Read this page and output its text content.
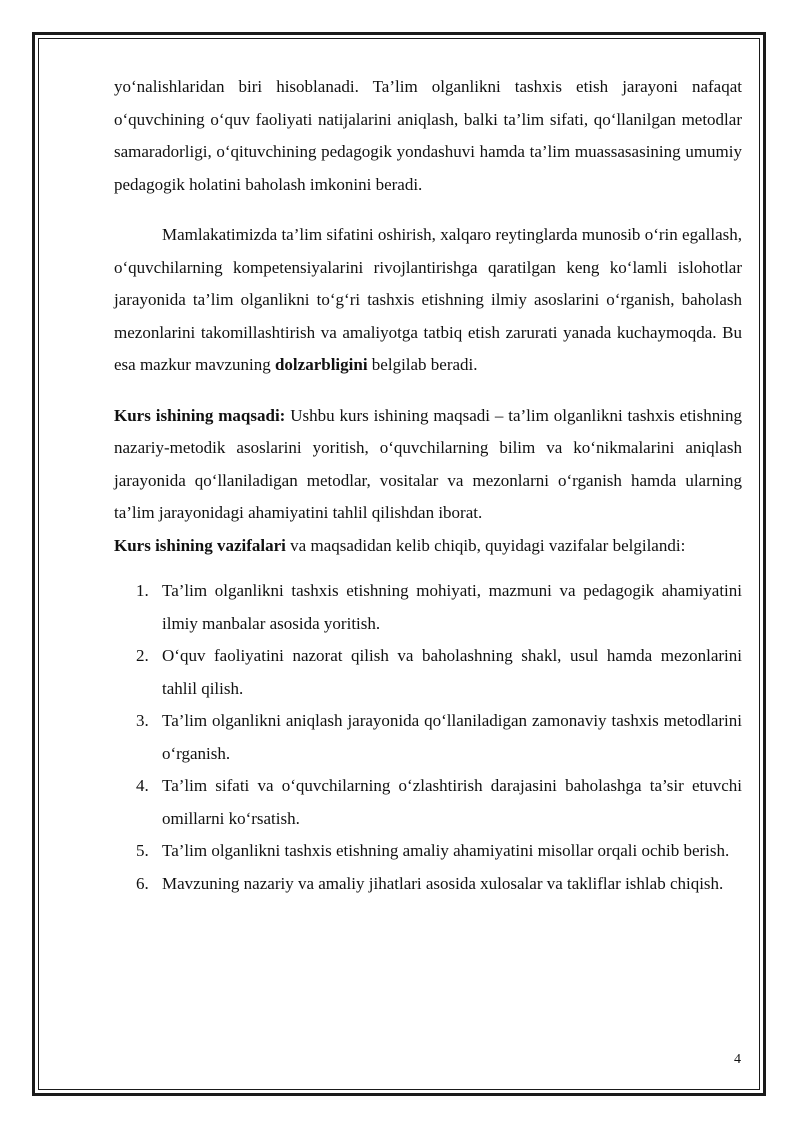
yoʻnalishlaridan biri hisoblanadi. Ta’lim olganlikni tashxis etish jarayoni nafaqat oʻquvchining oʻquv faoliyati natijalarini aniqlash, balki ta’lim sifati, qoʻllanilgan metodlar samaradorligi, oʻqituvchining pedagogik yondashuvi hamda ta’lim muassasasining umumiy pedagogik holatini baholash imkonini beradi.

Mamlakatimizda ta’lim sifatini oshirish, xalqaro reytinglarda munosib oʻrin egallash, oʻquvchilarning kompetensiyalarini rivojlantirishga qaratilgan keng koʻlamli islohotlar jarayonida ta’lim olganlikni toʻgʻri tashxis etishning ilmiy asoslarini oʻrganish, baholash mezonlarini takomillashtirish va amaliyotga tatbiq etish zarurati yanada kuchaymoqda. Bu esa mazkur mavzuning dolzarbligini belgilab beradi.

Kurs ishining maqsadi: Ushbu kurs ishining maqsadi – ta’lim olganlikni tashxis etishning nazariy-metodik asoslarini yoritish, oʻquvchilarning bilim va koʻnikmalarini aniqlash jarayonida qoʻllaniladigan metodlar, vositalar va mezonlarni oʻrganish hamda ularning ta’lim jarayonidagi ahamiyatini tahlil qilishdan iborat.

Kurs ishining vazifalari va maqsadidan kelib chiqib, quyidagi vazifalar belgilandi:

1. Ta’lim olganlikni tashxis etishning mohiyati, mazmuni va pedagogik ahamiyatini ilmiy manbalar asosida yoritish.
2. Oʻquv faoliyatini nazorat qilish va baholashning shakl, usul hamda mezonlarini tahlil qilish.
3. Ta’lim olganlikni aniqlash jarayonida qoʻllaniladigan zamonaviy tashxis metodlarini oʻrganish.
4. Ta’lim sifati va oʻquvchilarning oʻzlashtirish darajasini baholashga ta’sir etuvchi omillarni koʻrsatish.
5. Ta’lim olganlikni tashxis etishning amaliy ahamiyatini misollar orqali ochib berish.
6. Mavzuning nazariy va amaliy jihatlari asosida xulosalar va takliflar ishlab chiqish.
4
